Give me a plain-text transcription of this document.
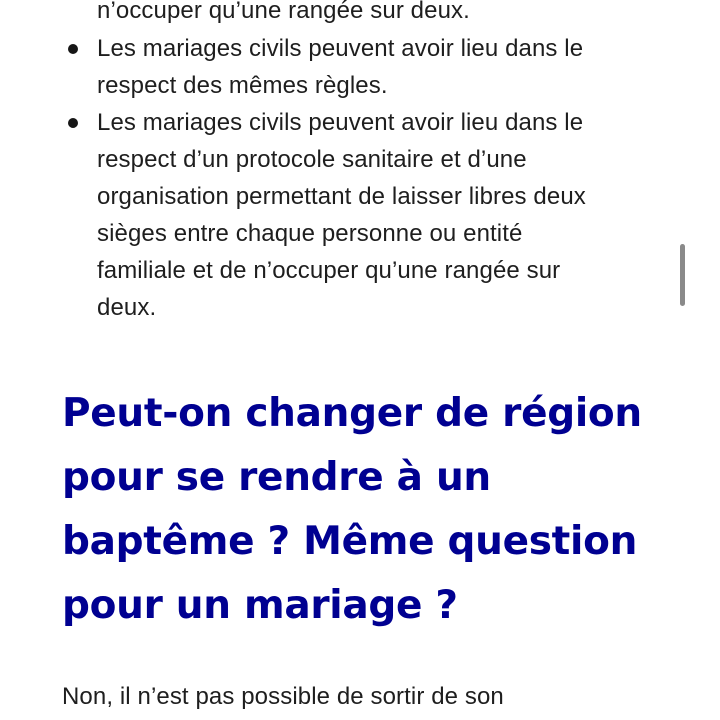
n’occuper qu’une rangée sur deux.
Les mariages civils peuvent avoir lieu dans le
respect des mêmes règles.
Les mariages civils peuvent avoir lieu dans le
respect d’un protocole sanitaire et d’une
organisation permettant de laisser libres deux
sièges entre chaque personne ou entité
familiale et de n’occuper qu’une rangée sur
deux.
Peut-on changer de région
pour se rendre à un
baptême ? Même question
pour un mariage ?
Non, il n’est pas possible de sortir de son
